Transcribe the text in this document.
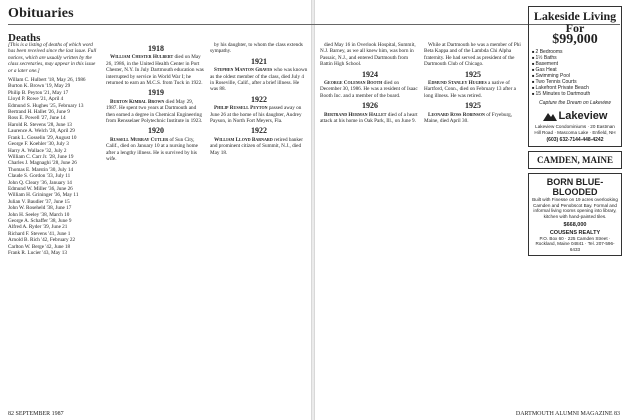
Obituaries
Deaths
[This is a listing of deaths of which word has been received since the last issue. Full notices, which are usually written by the class secretaries, may appear in this issue or a later one.]
Willam C. Hulbert '18, May 26, 1986
Burton K. Brown '19, May 29
Philip B. Peyton '21, May 17
Lloyd P. Rowe '21, April 4
Edmund S. Hughes '25, February 13
Bertrand H. Hallet '26, June 9
Ross E. Powell '27, June 14
Harold R. Stevens '28, June 13
Laurence A. Welch '28, April 29
Frank L. Gosselin '29, August 10
George F. Koehler '30, July 3
Harry A. Wallace '32, July 2
William C. Carr Jr. '28, June 19
Charles J. Magnaghi '28, June 26
Thomas E. Marstin '30, July 14
Claude S. Gordon '33, July 11
John Q. Cleary '36, January 14
Edmund W. Miller '36, June 26
William H. Grininger '36, May 11
Julian V. Baudier '37, June 15
John W. Roseheld '38, June 17
John H. Seeley '38, March 10
George A. Schaffer '38, June 9
Alfred A. Ryder '39, June 21
Richard F. Stevens '41, June 1
Arnold B. Rich '42, February 22
Carlton W. Berge '42, June 18
Frank R. Lucier '43, May 13
1918

William Chester Hulbert died on May 26, 1986, in the United Health Center in Port Chester, N.Y. In July Dartmouth education was interrupted by service in World War I; he returned to earn an M.C.S. from Tuck in 1922.

1919

Burton Kimbal Brown died May 29, 1987. He spent two years at Dartmouth and then earned a degree in Chemical Engineering from Rensselaer Polytechnic Institute in 1923.

1920

Russell Murray Cutler of Sun City, Calif., died on January 10 at a nursing home after a lengthy illness. He is survived by his wife.

by his daughter, to whom the class extends sympathy.

1921

Stephen Manton Graves who was known as the oldest member of the class, died July 4 in Roseville, Calif., after a brief illness. He was 88.

1922

Philip Russell Peyton passed away on June 26 at the home of his daughter, Audrey Payson, in North Fort Meyers, Fla.

1922

William Lloyd Barnard retired banker and prominent citizen of Summit, N.J., died May 18.

died May 16 in Overlook Hospital, Summit, N.J. Barney, as we all knew him, was born in Passaic, N.J., and entered Dartmouth from Battin High School.

1924

George Coleman Booth died on December 30, 1986. He was a resident of Isaac Booth Inc. and a member of the board.

1926

Bertrand Herman Hallet died of a heart attack at his home in Oak Park, Ill., on June 9.

While at Dartmouth he was a member of Phi Beta Kappa and of the Lambda Chi Alpha fraternity. He had served as president of the Dartmouth Club of Chicago.

1925

Edmund Stanley Hughes a native of Hartford, Conn., died on February 13 after a long illness. He was retired.

1925

Leonard Ross Robinson of Fryeburg, Maine, died April 30.

82 SEPTEMBER 1987	DARTMOUTH ALUMNI MAGAZINE 83
Lakeside Living For
$99,000
■ 2 Bedrooms
■ 1½ Baths
■ Basement
■ Gas Heat
■ Swimming Pool
■ Two Tennis Courts
■ Lakefront Private Beach
■ 15 Minutes to Dartmouth
Capture the Dream on Lakeview
Lakeview
Lakeview Condominiums · 20 Eastman Hill Road · Mascoma Lake · Enfield, NH
(603) 632-7144-448-4242
CAMDEN, MAINE
BORN BLUE-BLOODED
Built with Finesse on 19 acres overlooking Camden and Penobscot Bay. Formal and informal living rooms opening into library, kitchen with hand-painted tiles.
$668,000
COUSENS REALTY
P.O. Box 60 · 225 Camden Street · Rockland, Maine 04841 · Tel. 207-596-6433
